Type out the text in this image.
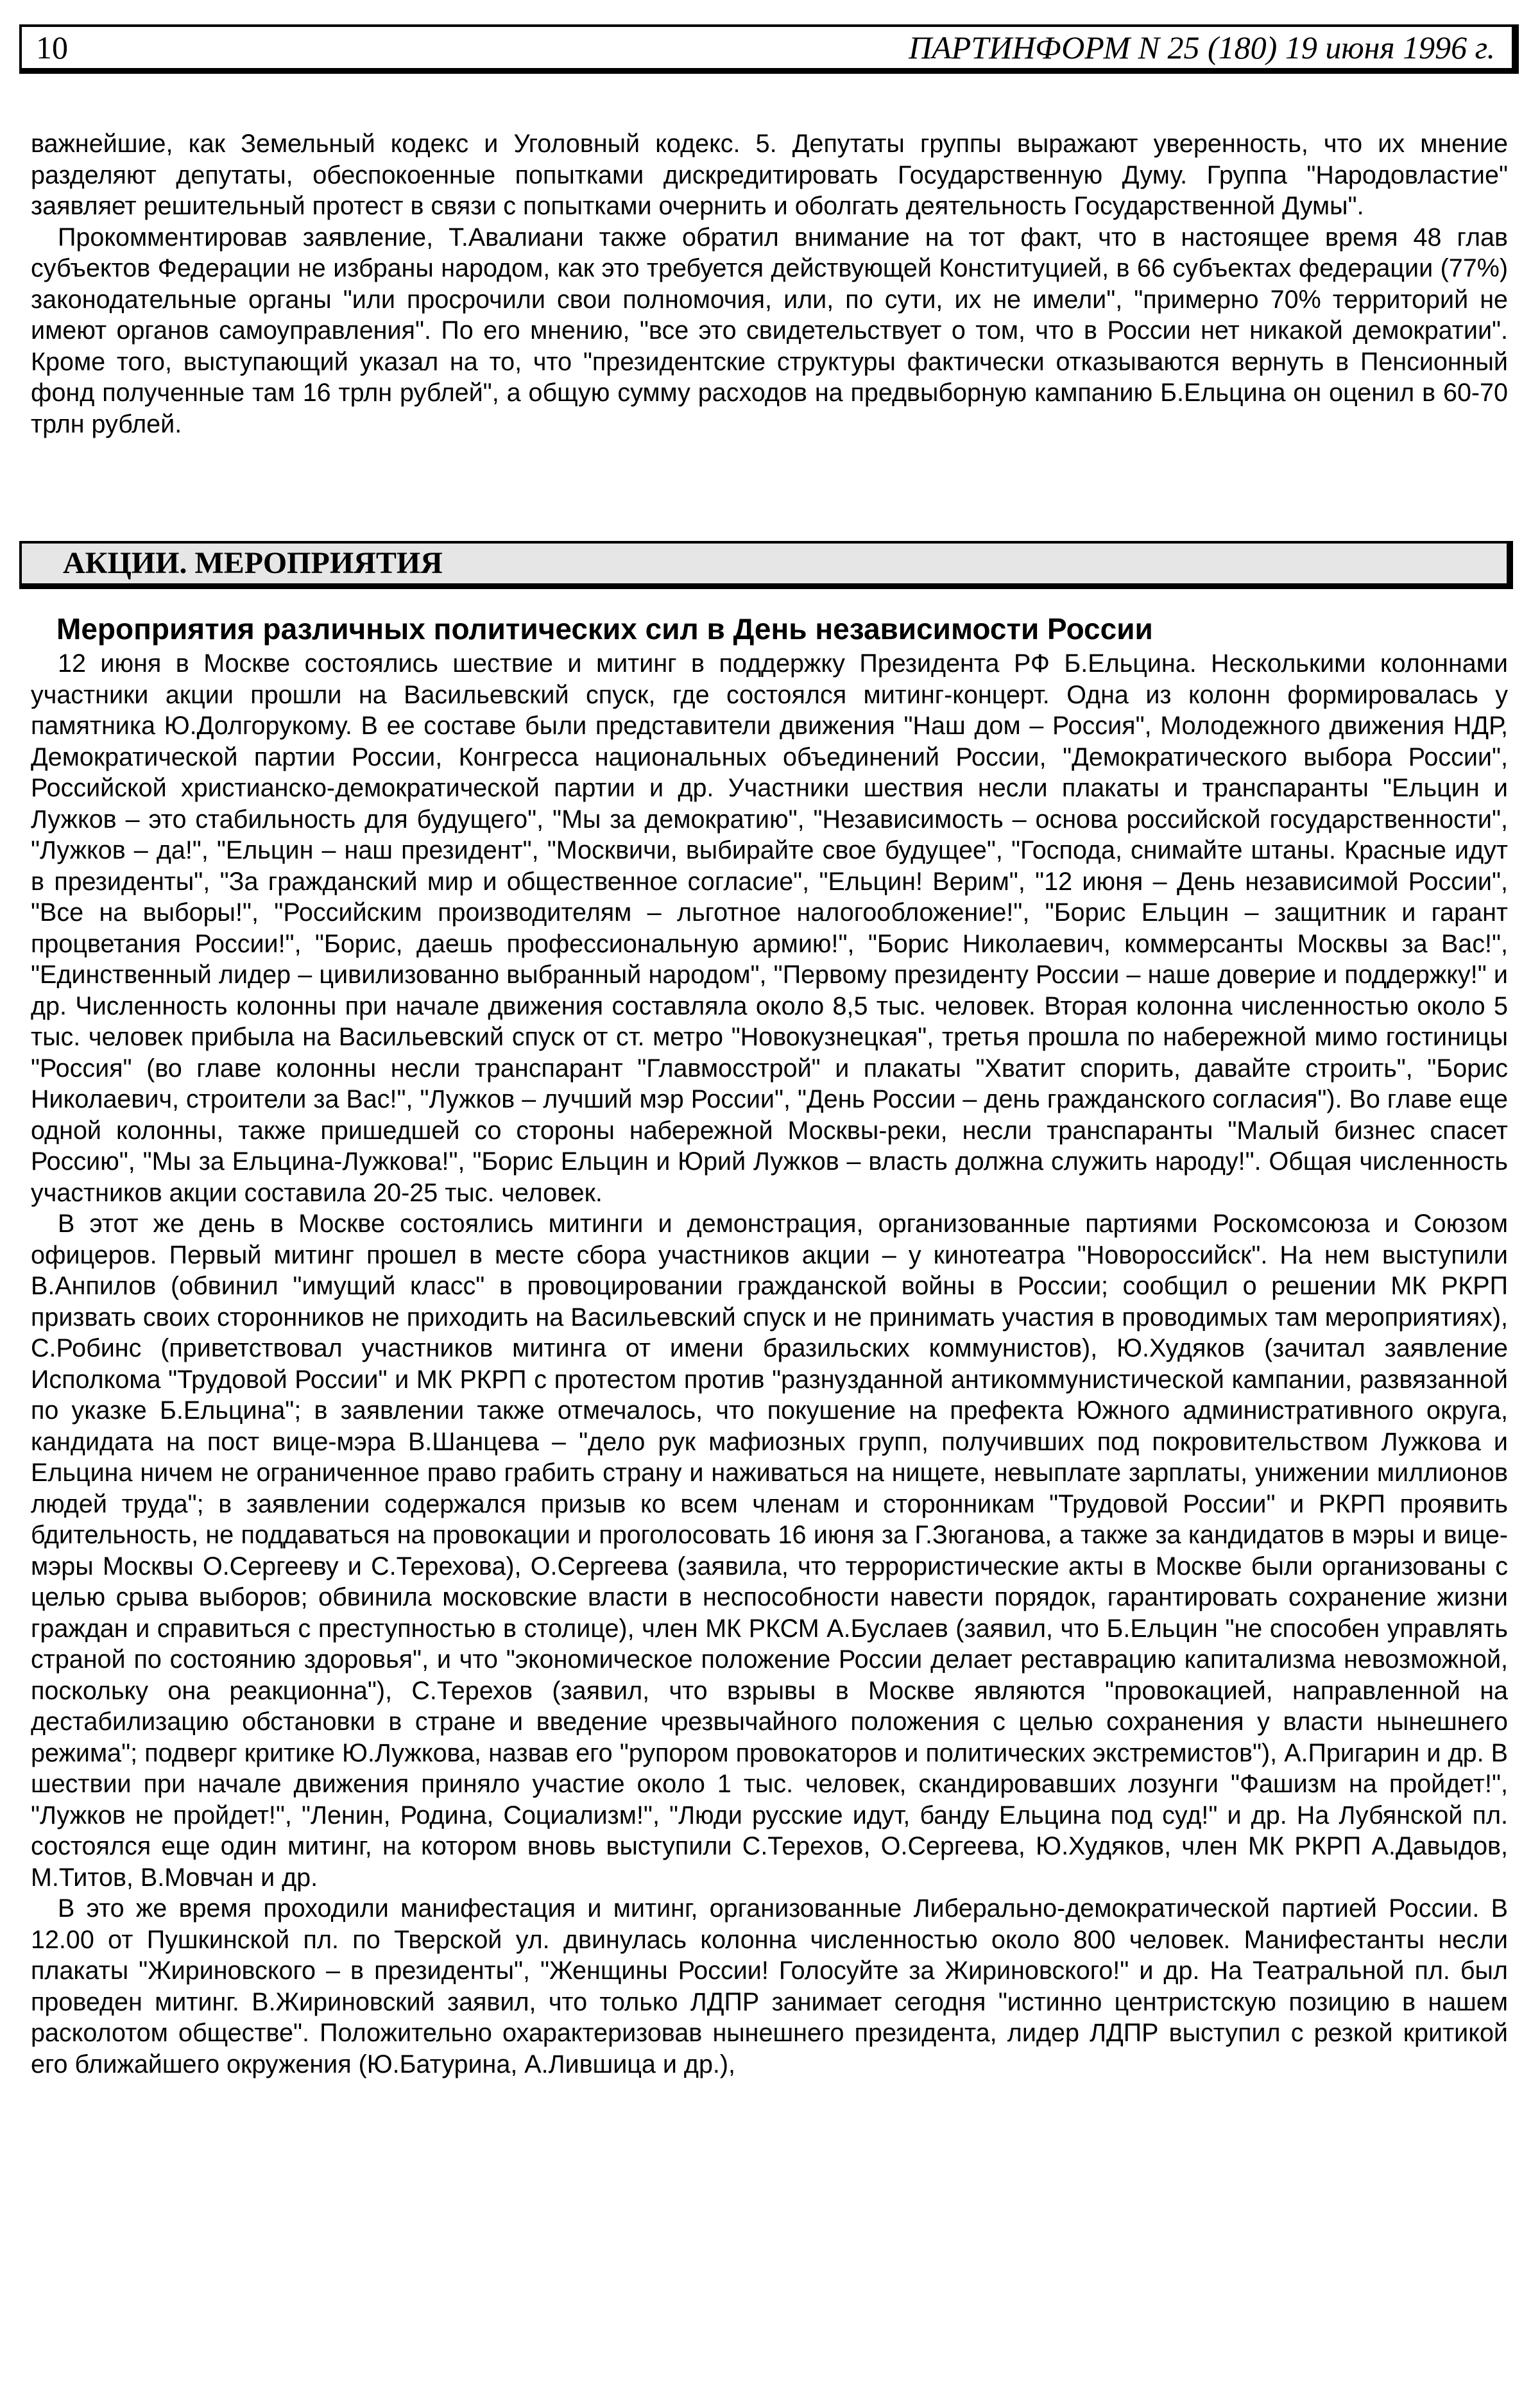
10	ПАРТИНФОРМ N 25 (180) 19 июня 1996 г.

важнейшие, как Земельный кодекс и Уголовный кодекс. 5. Депутаты группы выражают уверенность, что их мнение разделяют депутаты, обеспокоенные попытками дискредитировать Государственную Думу. Группа "Народовластие" заявляет решительный протест в связи с попытками очернить и оболгать деятельность Государственной Думы".

Прокомментировав заявление, Т.Авалиани также обратил внимание на тот факт, что в настоящее время 48 глав субъектов Федерации не избраны народом, как это требуется действующей Конституцией, в 66 субъектах федерации (77%) законодательные органы "или просрочили свои полномочия, или, по сути, их не имели", "примерно 70% территорий не имеют органов самоуправления". По его мнению, "все это свидетельствует о том, что в России нет никакой демократии". Кроме того, выступающий указал на то, что "президентские структуры фактически отказываются вернуть в Пенсионный фонд полученные там 16 трлн рублей", а общую сумму расходов на предвыборную кампанию Б.Ельцина он оценил в 60-70 трлн рублей.

АКЦИИ. МЕРОПРИЯТИЯ
Мероприятия различных политических сил в День независимости России

12 июня в Москве состоялись шествие и митинг в поддержку Президента РФ Б.Ельцина. Несколькими колоннами участники акции прошли на Васильевский спуск, где состоялся митинг-концерт. Одна из колонн формировалась у памятника Ю.Долгорукому. В ее составе были представители движения "Наш дом – Россия", Молодежного движения НДР, Демократической партии России, Конгресса национальных объединений России, "Демократического выбора России", Российской христианско-демократической партии и др. Участники шествия несли плакаты и транспаранты "Ельцин и Лужков – это стабильность для будущего", "Мы за демократию", "Независимость – основа российской государственности", "Лужков – да!", "Ельцин – наш президент", "Москвичи, выбирайте свое будущее", "Господа, снимайте штаны. Красные идут в президенты", "За гражданский мир и общественное согласие", "Ельцин! Верим", "12 июня – День независимой России", "Все на выборы!", "Российским производителям – льготное налогообложение!", "Борис Ельцин – защитник и гарант процветания России!", "Борис, даешь профессиональную армию!", "Борис Николаевич, коммерсанты Москвы за Вас!", "Единственный лидер – цивилизованно выбранный народом", "Первому президенту России – наше доверие и поддержку!" и др. Численность колонны при начале движения составляла около 8,5 тыс. человек. Вторая колонна численностью около 5 тыс. человек прибыла на Васильевский спуск от ст. метро "Новокузнецкая", третья прошла по набережной мимо гостиницы "Россия" (во главе колонны несли транспарант "Главмосстрой" и плакаты "Хватит спорить, давайте строить", "Борис Николаевич, строители за Вас!", "Лужков – лучший мэр России", "День России – день гражданского согласия"). Во главе еще одной колонны, также пришедшей со стороны набережной Москвы-реки, несли транспаранты "Малый бизнес спасет Россию", "Мы за Ельцина-Лужкова!", "Борис Ельцин и Юрий Лужков – власть должна служить народу!". Общая численность участников акции составила 20-25 тыс. человек.

В этот же день в Москве состоялись митинги и демонстрация, организованные партиями Роскомсоюза и Союзом офицеров. Первый митинг прошел в месте сбора участников акции – у кинотеатра "Новороссийск". На нем выступили В.Анпилов (обвинил "имущий класс" в провоцировании гражданской войны в России; сообщил о решении МК РКРП призвать своих сторонников не приходить на Васильевский спуск и не принимать участия в проводимых там мероприятиях), С.Робинс (приветствовал участников митинга от имени бразильских коммунистов), Ю.Худяков (зачитал заявление Исполкома "Трудовой России" и МК РКРП с протестом против "разнузданной антикоммунистической кампании, развязанной по указке Б.Ельцина"; в заявлении также отмечалось, что покушение на префекта Южного административного округа, кандидата на пост вице-мэра В.Шанцева – "дело рук мафиозных групп, получивших под покровительством Лужкова и Ельцина ничем не ограниченное право грабить страну и наживаться на нищете, невыплате зарплаты, унижении миллионов людей труда"; в заявлении содержался призыв ко всем членам и сторонникам "Трудовой России" и РКРП проявить бдительность, не поддаваться на провокации и проголосовать 16 июня за Г.Зюганова, а также за кандидатов в мэры и вице-мэры Москвы О.Сергееву и С.Терехова), О.Сергеева (заявила, что террористические акты в Москве были организованы с целью срыва выборов; обвинила московские власти в неспособности навести порядок, гарантировать сохранение жизни граждан и справиться с преступностью в столице), член МК РКСМ А.Буслаев (заявил, что Б.Ельцин "не способен управлять страной по состоянию здоровья", и что "экономическое положение России делает реставрацию капитализма невозможной, поскольку она реакционна"), С.Терехов (заявил, что взрывы в Москве являются "провокацией, направленной на дестабилизацию обстановки в стране и введение чрезвычайного положения с целью сохранения у власти нынешнего режима"; подверг критике Ю.Лужкова, назвав его "рупором провокаторов и политических экстремистов"), А.Пригарин и др. В шествии при начале движения приняло участие около 1 тыс. человек, скандировавших лозунги "Фашизм на пройдет!", "Лужков не пройдет!", "Ленин, Родина, Социализм!", "Люди русские идут, банду Ельцина под суд!" и др. На Лубянской пл. состоялся еще один митинг, на котором вновь выступили С.Терехов, О.Сергеева, Ю.Худяков, член МК РКРП А.Давыдов, М.Титов, В.Мовчан и др.

В это же время проходили манифестация и митинг, организованные Либерально-демократической партией России. В 12.00 от Пушкинской пл. по Тверской ул. двинулась колонна численностью около 800 человек. Манифестанты несли плакаты "Жириновского – в президенты", "Женщины России! Голосуйте за Жириновского!" и др. На Театральной пл. был проведен митинг. В.Жириновский заявил, что только ЛДПР занимает сегодня "истинно центристскую позицию в нашем расколотом обществе". Положительно охарактеризовав нынешнего президента, лидер ЛДПР выступил с резкой критикой его ближайшего окружения (Ю.Батурина, А.Лившица и др.),
